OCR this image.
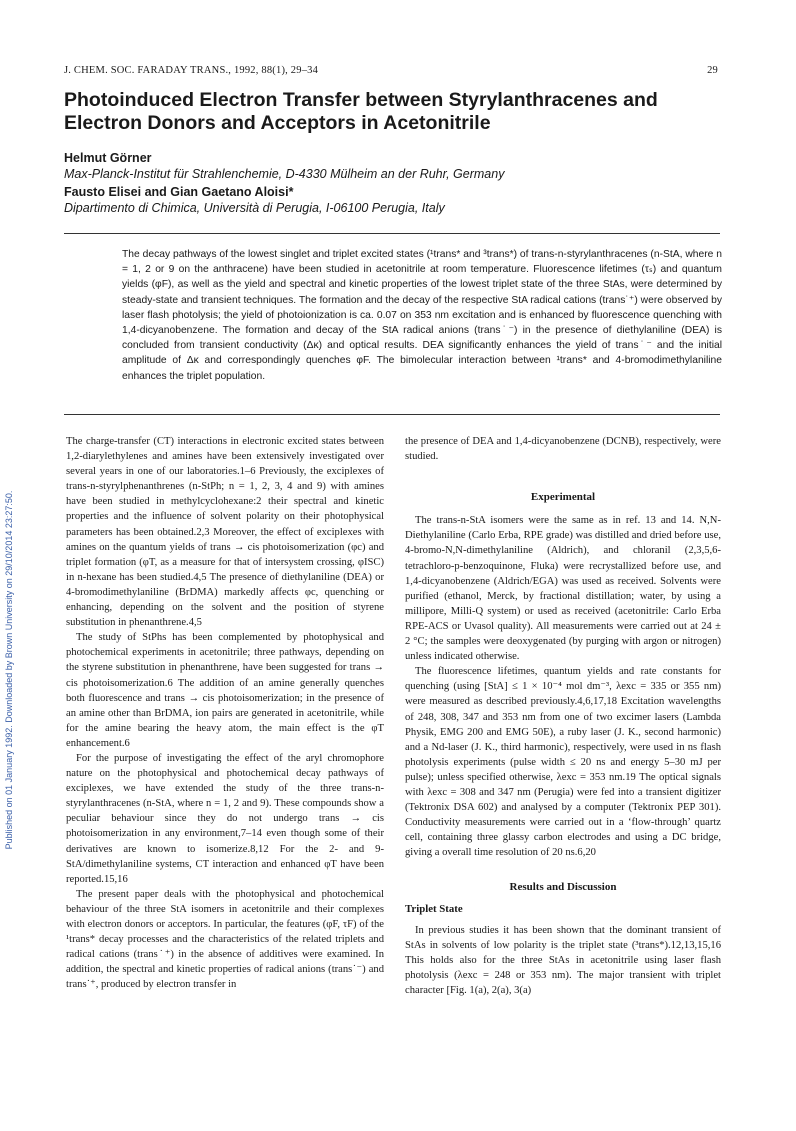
Published on 01 January 1992. Downloaded by Brown University on 29/10/2014 23:27:50.
J. CHEM. SOC. FARADAY TRANS., 1992, 88(1), 29–34	29
Photoinduced Electron Transfer between Styrylanthracenes and Electron Donors and Acceptors in Acetonitrile
Helmut Görner
Max-Planck-Institut für Strahlenchemie, D-4330 Mülheim an der Ruhr, Germany
Fausto Elisei and Gian Gaetano Aloisi*
Dipartimento di Chimica, Università di Perugia, I-06100 Perugia, Italy

The decay pathways of the lowest singlet and triplet excited states (¹trans* and ³trans*) of trans-n-styrylanthracenes (n-StA, where n = 1, 2 or 9 on the anthracene) have been studied in acetonitrile at room temperature. Fluorescence lifetimes (τₛ) and quantum yields (φF), as well as the yield and spectral and kinetic properties of the lowest triplet state of the three StAs, were determined by steady-state and transient techniques. The formation and the decay of the respective StA radical cations (trans˙⁺) were observed by laser flash photolysis; the yield of photoionization is ca. 0.07 on 353 nm excitation and is enhanced by fluorescence quenching with 1,4-dicyanobenzene. The formation and decay of the StA radical anions (trans˙⁻) in the presence of diethylaniline (DEA) is concluded from transient conductivity (Δκ) and optical results. DEA significantly enhances the yield of trans˙⁻ and the initial amplitude of Δκ and correspondingly quenches φF. The bimolecular interaction between ¹trans* and 4-bromodimethylaniline enhances the triplet population.

The charge-transfer (CT) interactions in electronic excited states between 1,2-diarylethylenes and amines have been extensively investigated over several years in one of our laboratories.1–6 Previously, the exciplexes of trans-n-styrylphenanthrenes (n-StPh; n = 1, 2, 3, 4 and 9) with amines have been studied in methylcyclohexane:2 their spectral and kinetic properties and the influence of solvent polarity on their photophysical parameters has been obtained.2,3 Moreover, the effect of exciplexes with amines on the quantum yields of trans → cis photoisomerization (φc) and triplet formation (φT, as a measure for that of intersystem crossing, φISC) in n-hexane has been studied.4,5 The presence of diethylaniline (DEA) or 4-bromodimethylaniline (BrDMA) markedly affects φc, quenching or enhancing, depending on the solvent and the position of styrene substitution in phenanthrene.4,5

The study of StPhs has been complemented by photophysical and photochemical experiments in acetonitrile; three pathways, depending on the styrene substitution in phenanthrene, have been suggested for trans → cis photoisomerization.6 The addition of an amine generally quenches both fluorescence and trans → cis photoisomerization; in the presence of an amine other than BrDMA, ion pairs are generated in acetonitrile, while for the amine bearing the heavy atom, the main effect is the φT enhancement.6

For the purpose of investigating the effect of the aryl chromophore nature on the photophysical and photochemical decay pathways of exciplexes, we have extended the study of the three trans-n-styrylanthracenes (n-StA, where n = 1, 2 and 9). These compounds show a peculiar behaviour since they do not undergo trans → cis photoisomerization in any environment,7–14 even though some of their derivatives are known to isomerize.8,12 For the 2- and 9-StA/dimethylaniline systems, CT interaction and enhanced φT have been reported.15,16

The present paper deals with the photophysical and photochemical behaviour of the three StA isomers in acetonitrile and their complexes with electron donors or acceptors. In particular, the features (φF, τF) of the ¹trans* decay processes and the characteristics of the related triplets and radical cations (trans˙⁺) in the absence of additives were examined. In addition, the spectral and kinetic properties of radical anions (trans˙⁻) and trans˙⁺, produced by electron transfer in

the presence of DEA and 1,4-dicyanobenzene (DCNB), respectively, were studied.

Experimental

The trans-n-StA isomers were the same as in ref. 13 and 14. N,N-Diethylaniline (Carlo Erba, RPE grade) was distilled and dried before use, 4-bromo-N,N-dimethylaniline (Aldrich), and chloranil (2,3,5,6-tetrachloro-p-benzoquinone, Fluka) were recrystallized before use, and 1,4-dicyanobenzene (Aldrich/EGA) was used as received. Solvents were purified (ethanol, Merck, by fractional distillation; water, by using a millipore, Milli-Q system) or used as received (acetonitrile: Carlo Erba RPE-ACS or Uvasol quality). All measurements were carried out at 24 ± 2 °C; the samples were deoxygenated (by purging with argon or nitrogen) unless indicated otherwise.

The fluorescence lifetimes, quantum yields and rate constants for quenching (using [StA] ≤ 1 × 10⁻⁴ mol dm⁻³, λexc = 335 or 355 nm) were measured as described previously.4,6,17,18 Excitation wavelengths of 248, 308, 347 and 353 nm from one of two excimer lasers (Lambda Physik, EMG 200 and EMG 50E), a ruby laser (J. K., second harmonic) and a Nd-laser (J. K., third harmonic), respectively, were used in ns flash photolysis experiments (pulse width ≤ 20 ns and energy 5–30 mJ per pulse); unless specified otherwise, λexc = 353 nm.19 The optical signals with λexc = 308 and 347 nm (Perugia) were fed into a transient digitizer (Tektronix DSA 602) and analysed by a computer (Tektronix PEP 301). Conductivity measurements were carried out in a ‘flow-through’ quartz cell, containing three glassy carbon electrodes and using a DC bridge, giving a overall time resolution of 20 ns.6,20

Results and Discussion
Triplet State

In previous studies it has been shown that the dominant transient of StAs in solvents of low polarity is the triplet state (³trans*).12,13,15,16 This holds also for the three StAs in acetonitrile using laser flash photolysis (λexc = 248 or 353 nm). The major transient with triplet character [Fig. 1(a), 2(a), 3(a)
